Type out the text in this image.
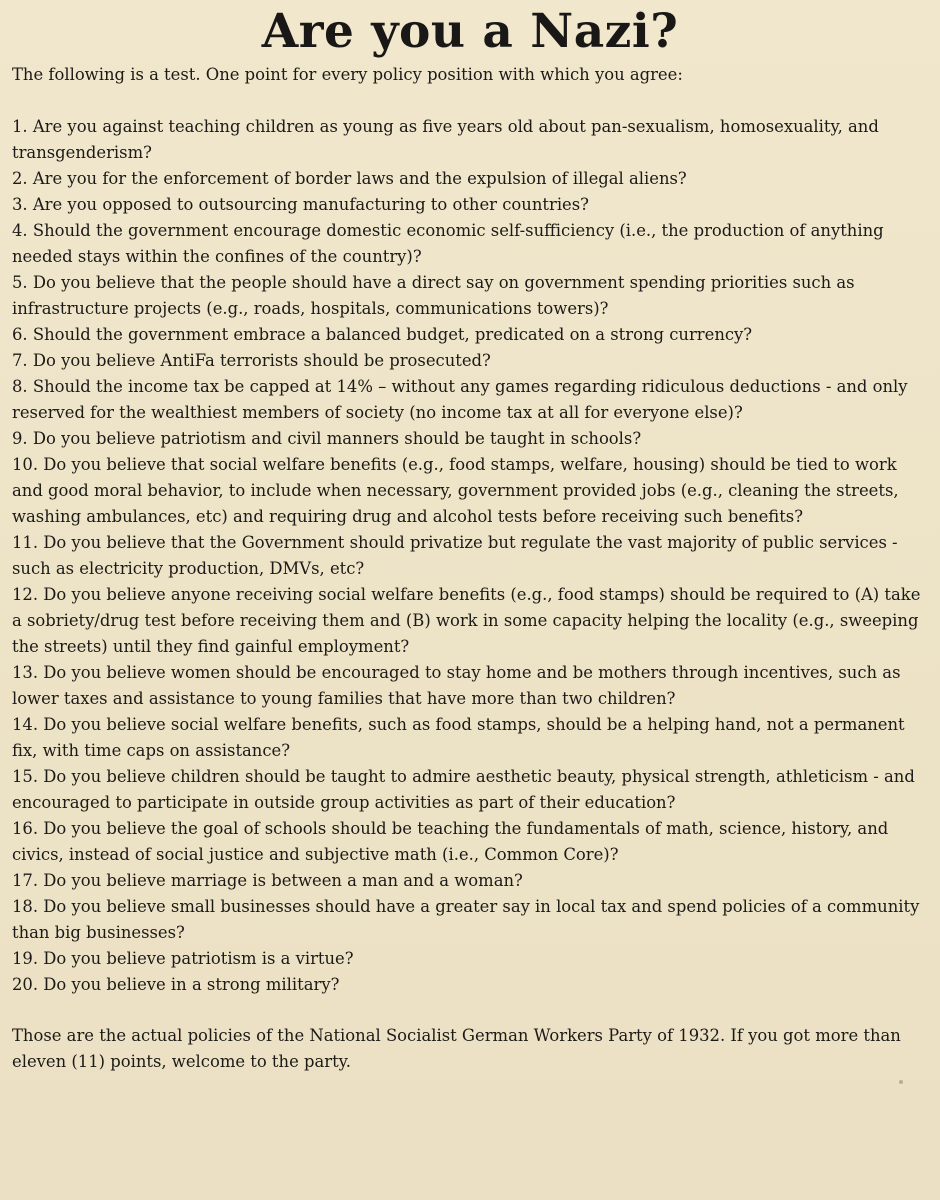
Are you a Nazi?

The following is a test. One point for every policy position with which you agree:

1. Are you against teaching children as young as five years old about pan-sexualism, homosexuality, and transgenderism?
2. Are you for the enforcement of border laws and the expulsion of illegal aliens?
3. Are you opposed to outsourcing manufacturing to other countries?
4. Should the government encourage domestic economic self-sufficiency (i.e., the production of anything needed stays within the confines of the country)?
5. Do you believe that the people should have a direct say on government spending priorities such as infrastructure projects (e.g., roads, hospitals, communications towers)?
6. Should the government embrace a balanced budget, predicated on a strong currency?
7. Do you believe AntiFa terrorists should be prosecuted?
8. Should the income tax be capped at 14% – without any games regarding ridiculous deductions - and only reserved for the wealthiest members of society (no income tax at all for everyone else)?
9. Do you believe patriotism and civil manners should be taught in schools?
10. Do you believe that social welfare benefits (e.g., food stamps, welfare, housing) should be tied to work and good moral behavior, to include when necessary, government provided jobs (e.g., cleaning the streets, washing ambulances, etc) and requiring drug and alcohol tests before receiving such benefits?
11. Do you believe that the Government should privatize but regulate the vast majority of public services - such as electricity production, DMVs, etc?
12. Do you believe anyone receiving social welfare benefits (e.g., food stamps) should be required to (A) take a sobriety/drug test before receiving them and (B) work in some capacity helping the locality (e.g., sweeping the streets) until they find gainful employment?
13. Do you believe women should be encouraged to stay home and be mothers through incentives, such as lower taxes and assistance to young families that have more than two children?
14. Do you believe social welfare benefits, such as food stamps, should be a helping hand, not a permanent fix, with time caps on assistance?
15. Do you believe children should be taught to admire aesthetic beauty, physical strength, athleticism - and encouraged to participate in outside group activities as part of their education?
16. Do you believe the goal of schools should be teaching the fundamentals of math, science, history, and civics, instead of social justice and subjective math (i.e., Common Core)?
17. Do you believe marriage is between a man and a woman?
18. Do you believe small businesses should have a greater say in local tax and spend policies of a community than big businesses?
19. Do you believe patriotism is a virtue?
20. Do you believe in a strong military?

Those are the actual policies of the National Socialist German Workers Party of 1932. If you got more than eleven (11) points, welcome to the party.
